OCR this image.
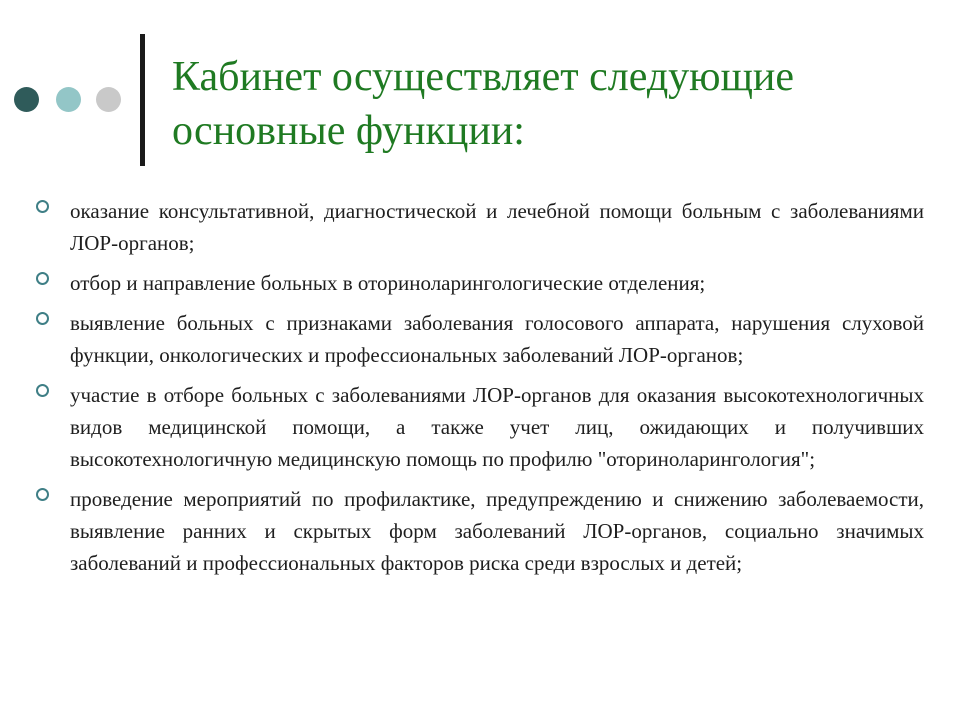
Кабинет осуществляет следующие основные функции:
оказание консультативной, диагностической и лечебной помощи больным с заболеваниями ЛОР-органов;
отбор и направление больных в оториноларингологические отделения;
выявление больных с признаками заболевания голосового аппарата, нарушения слуховой функции, онкологических и профессиональных заболеваний ЛОР-органов;
участие в отборе больных с заболеваниями ЛОР-органов для оказания высокотехнологичных видов медицинской помощи, а также учет лиц, ожидающих и получивших высокотехнологичную медицинскую помощь по профилю "оториноларингология";
проведение мероприятий по профилактике, предупреждению и снижению заболеваемости, выявление ранних и скрытых форм заболеваний ЛОР-органов, социально значимых заболеваний и профессиональных факторов риска среди взрослых и детей;
